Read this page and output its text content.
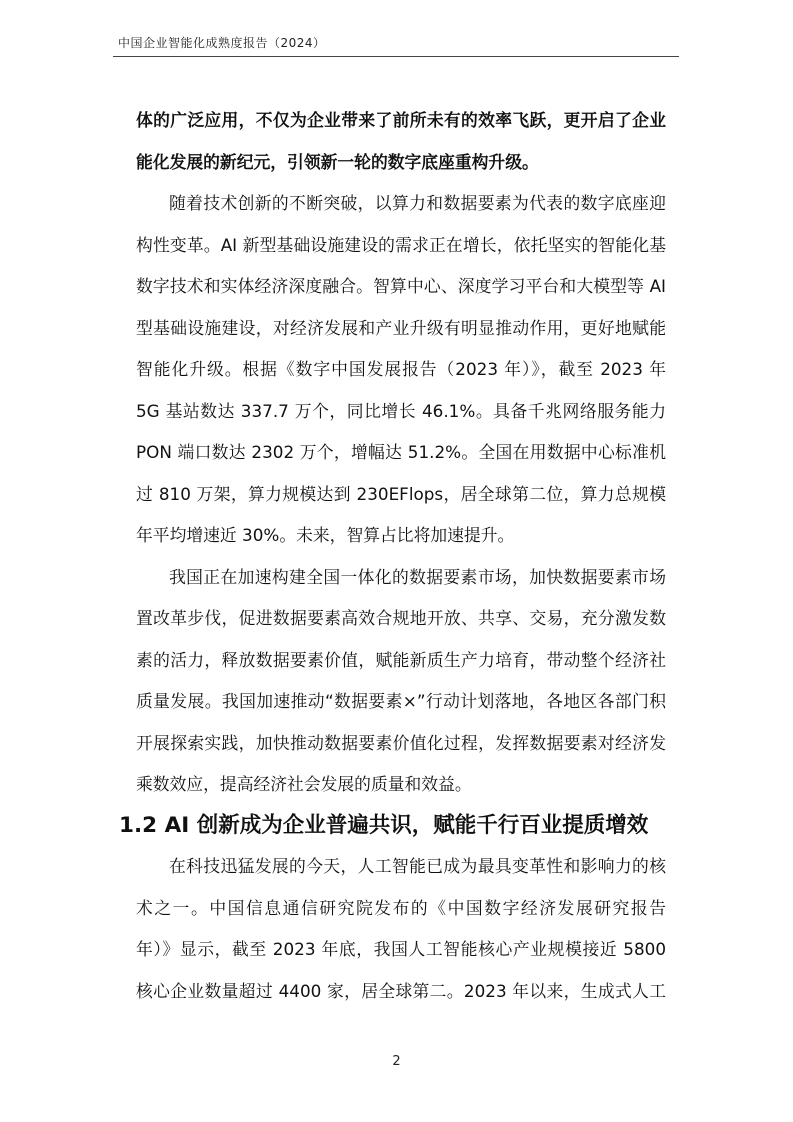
中国企业智能化成熟度报告（2024）
体的广泛应用，不仅为企业带来了前所未有的效率飞跃，更开启了企业
能化发展的新纪元，引领新一轮的数字底座重构升级。
随着技术创新的不断突破，以算力和数据要素为代表的数字底座迎
构性变革。AI 新型基础设施建设的需求正在增长，依托坚实的智能化基
数字技术和实体经济深度融合。智算中心、深度学习平台和大模型等 AI
型基础设施建设，对经济发展和产业升级有明显推动作用，更好地赋能
智能化升级。根据《数字中国发展报告（2023 年）》，截至 2023 年
5G 基站数达 337.7 万个，同比增长 46.1%。具备千兆网络服务能力
PON 端口数达 2302 万个，增幅达 51.2%。全国在用数据中心标准机
过 810 万架，算力规模达到 230EFlops，居全球第二位，算力总规模
年平均增速近 30%。未来，智算占比将加速提升。
我国正在加速构建全国一体化的数据要素市场，加快数据要素市场
置改革步伐，促进数据要素高效合规地开放、共享、交易，充分激发数
素的活力，释放数据要素价值，赋能新质生产力培育，带动整个经济社
质量发展。我国加速推动“数据要素×”行动计划落地，各地区各部门积
开展探索实践，加快推动数据要素价值化过程，发挥数据要素对经济发
乘数效应，提高经济社会发展的质量和效益。
1.2 AI 创新成为企业普遍共识，赋能千行百业提质增效
在科技迅猛发展的今天，人工智能已成为最具变革性和影响力的核
术之一。中国信息通信研究院发布的《中国数字经济发展研究报告
年）》显示，截至 2023 年底，我国人工智能核心产业规模接近 5800
核心企业数量超过 4400 家，居全球第二。2023 年以来，生成式人工
2
